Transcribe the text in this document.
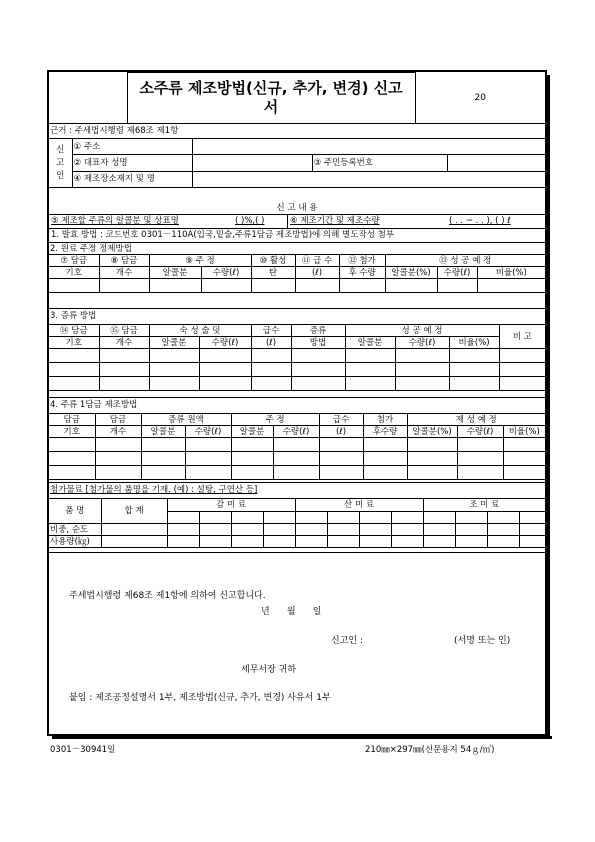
소주류 제조방법(신규, 추가, 변경) 신고
서
	20
근거 : 주세법시행령 제68조 제1항
신
고
인	① 주소			
	② 대표자 성명		③ 주민등록번호	
	④ 제조장소재지 및 명			
신 고 내 용
⑤ 제조할 주류의 알콜분 및 상표명	( )%,( )	⑥ 제조기간 및 제조수량	( . . ~ . . ), ( ) ℓ
1. 발효 방법 : 코드번호 0301－110A(입국,밑술,주류1담금 제조방법)에 의해 별도작성 첨부
2. 원료 주정 정제방법
⑦ 담금	⑧ 담금	⑨ 주 정		⑩ 활성	⑪ 급 수	⑫ 첨가	⑬ 성 공 예 정		
기호	개수	알콜분	수량(ℓ)	탄	(ℓ)	후 수량	알콜분(%)	수량(ℓ)	비율(%)

3. 증류 방법
⑭ 담금	⑮ 담금	숙 성 술 덧		급수	증류	성 공 예 정			비 고
기호	개수	알콜분	수량(ℓ)	(ℓ)	방법	알콜분	수량(ℓ)	비율(%)	

4. 주류 1담금 제조방법
담금	담금	증류 원액		주 정		급수	첨가	제 성 예 정		
기호	개수	알콜분	수량(ℓ)	알콜분	수량(ℓ)	(ℓ)	후수량	알콜분(%)	수량(ℓ)	비율(%)

첨가물료 [첨가물의 품명을 기재. (예) : 설탕, 구연산 등]
품 명	합 계	감 미 료				산 미 료				조 미 료			

비중, 순도													
사용량(㎏)													
주세법시행령 제68조 제1항에 의하여 신고합니다.
년      월      일
신고인 :	(서명 또는 인)
세무서장 귀하
붙임 : 제조공정설명서 1부, 제조방법(신규, 추가, 변경) 사유서 1부
0301－30941일	210㎜×297㎜(신문용지 54ｇ/㎡)
